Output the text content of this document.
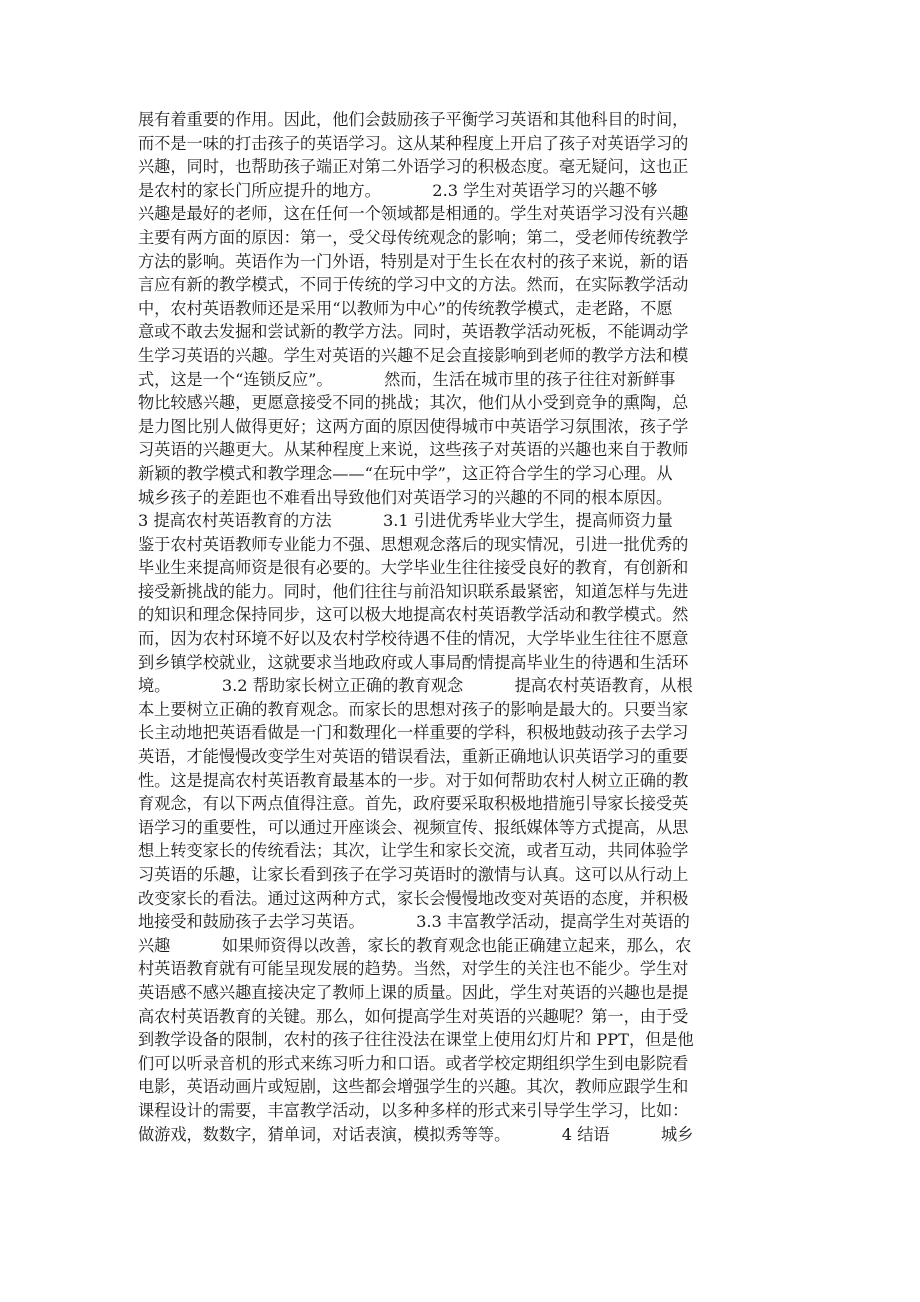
展有着重要的作用。因此，他们会鼓励孩子平衡学习英语和其他科目的时间，
而不是一味的打击孩子的英语学习。这从某种程度上开启了孩子对英语学习的
兴趣，同时，也帮助孩子端正对第二外语学习的积极态度。毫无疑问，这也正
是农村的家长门所应提升的地方。          2.3 学生对英语学习的兴趣不够
兴趣是最好的老师，这在任何一个领域都是相通的。学生对英语学习没有兴趣
主要有两方面的原因：第一，受父母传统观念的影响；第二，受老师传统教学
方法的影响。英语作为一门外语，特别是对于生长在农村的孩子来说，新的语
言应有新的教学模式，不同于传统的学习中文的方法。然而，在实际教学活动
中，农村英语教师还是采用“以教师为中心”的传统教学模式，走老路，不愿
意或不敢去发掘和尝试新的教学方法。同时，英语教学活动死板，不能调动学
生学习英语的兴趣。学生对英语的兴趣不足会直接影响到老师的教学方法和模
式，这是一个“连锁反应”。          然而，生活在城市里的孩子往往对新鲜事
物比较感兴趣，更愿意接受不同的挑战；其次，他们从小受到竞争的熏陶，总
是力图比别人做得更好；这两方面的原因使得城市中英语学习氛围浓，孩子学
习英语的兴趣更大。从某种程度上来说，这些孩子对英语的兴趣也来自于教师
新颖的教学模式和教学理念——“在玩中学”，这正符合学生的学习心理。从
城乡孩子的差距也不难看出导致他们对英语学习的兴趣的不同的根本原因。
3 提高农村英语教育的方法          3.1 引进优秀毕业大学生，提高师资力量
鉴于农村英语教师专业能力不强、思想观念落后的现实情况，引进一批优秀的
毕业生来提高师资是很有必要的。大学毕业生往往接受良好的教育，有创新和
接受新挑战的能力。同时，他们往往与前沿知识联系最紧密，知道怎样与先进
的知识和理念保持同步，这可以极大地提高农村英语教学活动和教学模式。然
而，因为农村环境不好以及农村学校待遇不佳的情况，大学毕业生往往不愿意
到乡镇学校就业，这就要求当地政府或人事局酌情提高毕业生的待遇和生活环
境。          3.2 帮助家长树立正确的教育观念          提高农村英语教育，从根
本上要树立正确的教育观念。而家长的思想对孩子的影响是最大的。只要当家
长主动地把英语看做是一门和数理化一样重要的学科，积极地鼓动孩子去学习
英语，才能慢慢改变学生对英语的错误看法，重新正确地认识英语学习的重要
性。这是提高农村英语教育最基本的一步。对于如何帮助农村人树立正确的教
育观念，有以下两点值得注意。首先，政府要采取积极地措施引导家长接受英
语学习的重要性，可以通过开座谈会、视频宣传、报纸媒体等方式提高，从思
想上转变家长的传统看法；其次，让学生和家长交流，或者互动，共同体验学
习英语的乐趣，让家长看到孩子在学习英语时的激情与认真。这可以从行动上
改变家长的看法。通过这两种方式，家长会慢慢地改变对英语的态度，并积极
地接受和鼓励孩子去学习英语。          3.3 丰富教学活动，提高学生对英语的
兴趣          如果师资得以改善，家长的教育观念也能正确建立起来，那么，农
村英语教育就有可能呈现发展的趋势。当然，对学生的关注也不能少。学生对
英语感不感兴趣直接决定了教师上课的质量。因此，学生对英语的兴趣也是提
高农村英语教育的关键。那么，如何提高学生对英语的兴趣呢？第一，由于受
到教学设备的限制，农村的孩子往往没法在课堂上使用幻灯片和 PPT，但是他
们可以听录音机的形式来练习听力和口语。或者学校定期组织学生到电影院看
电影，英语动画片或短剧，这些都会增强学生的兴趣。其次，教师应跟学生和
课程设计的需要，丰富教学活动，以多种多样的形式来引导学生学习，比如：
做游戏，数数字，猜单词，对话表演，模拟秀等等。          4 结语          城乡
